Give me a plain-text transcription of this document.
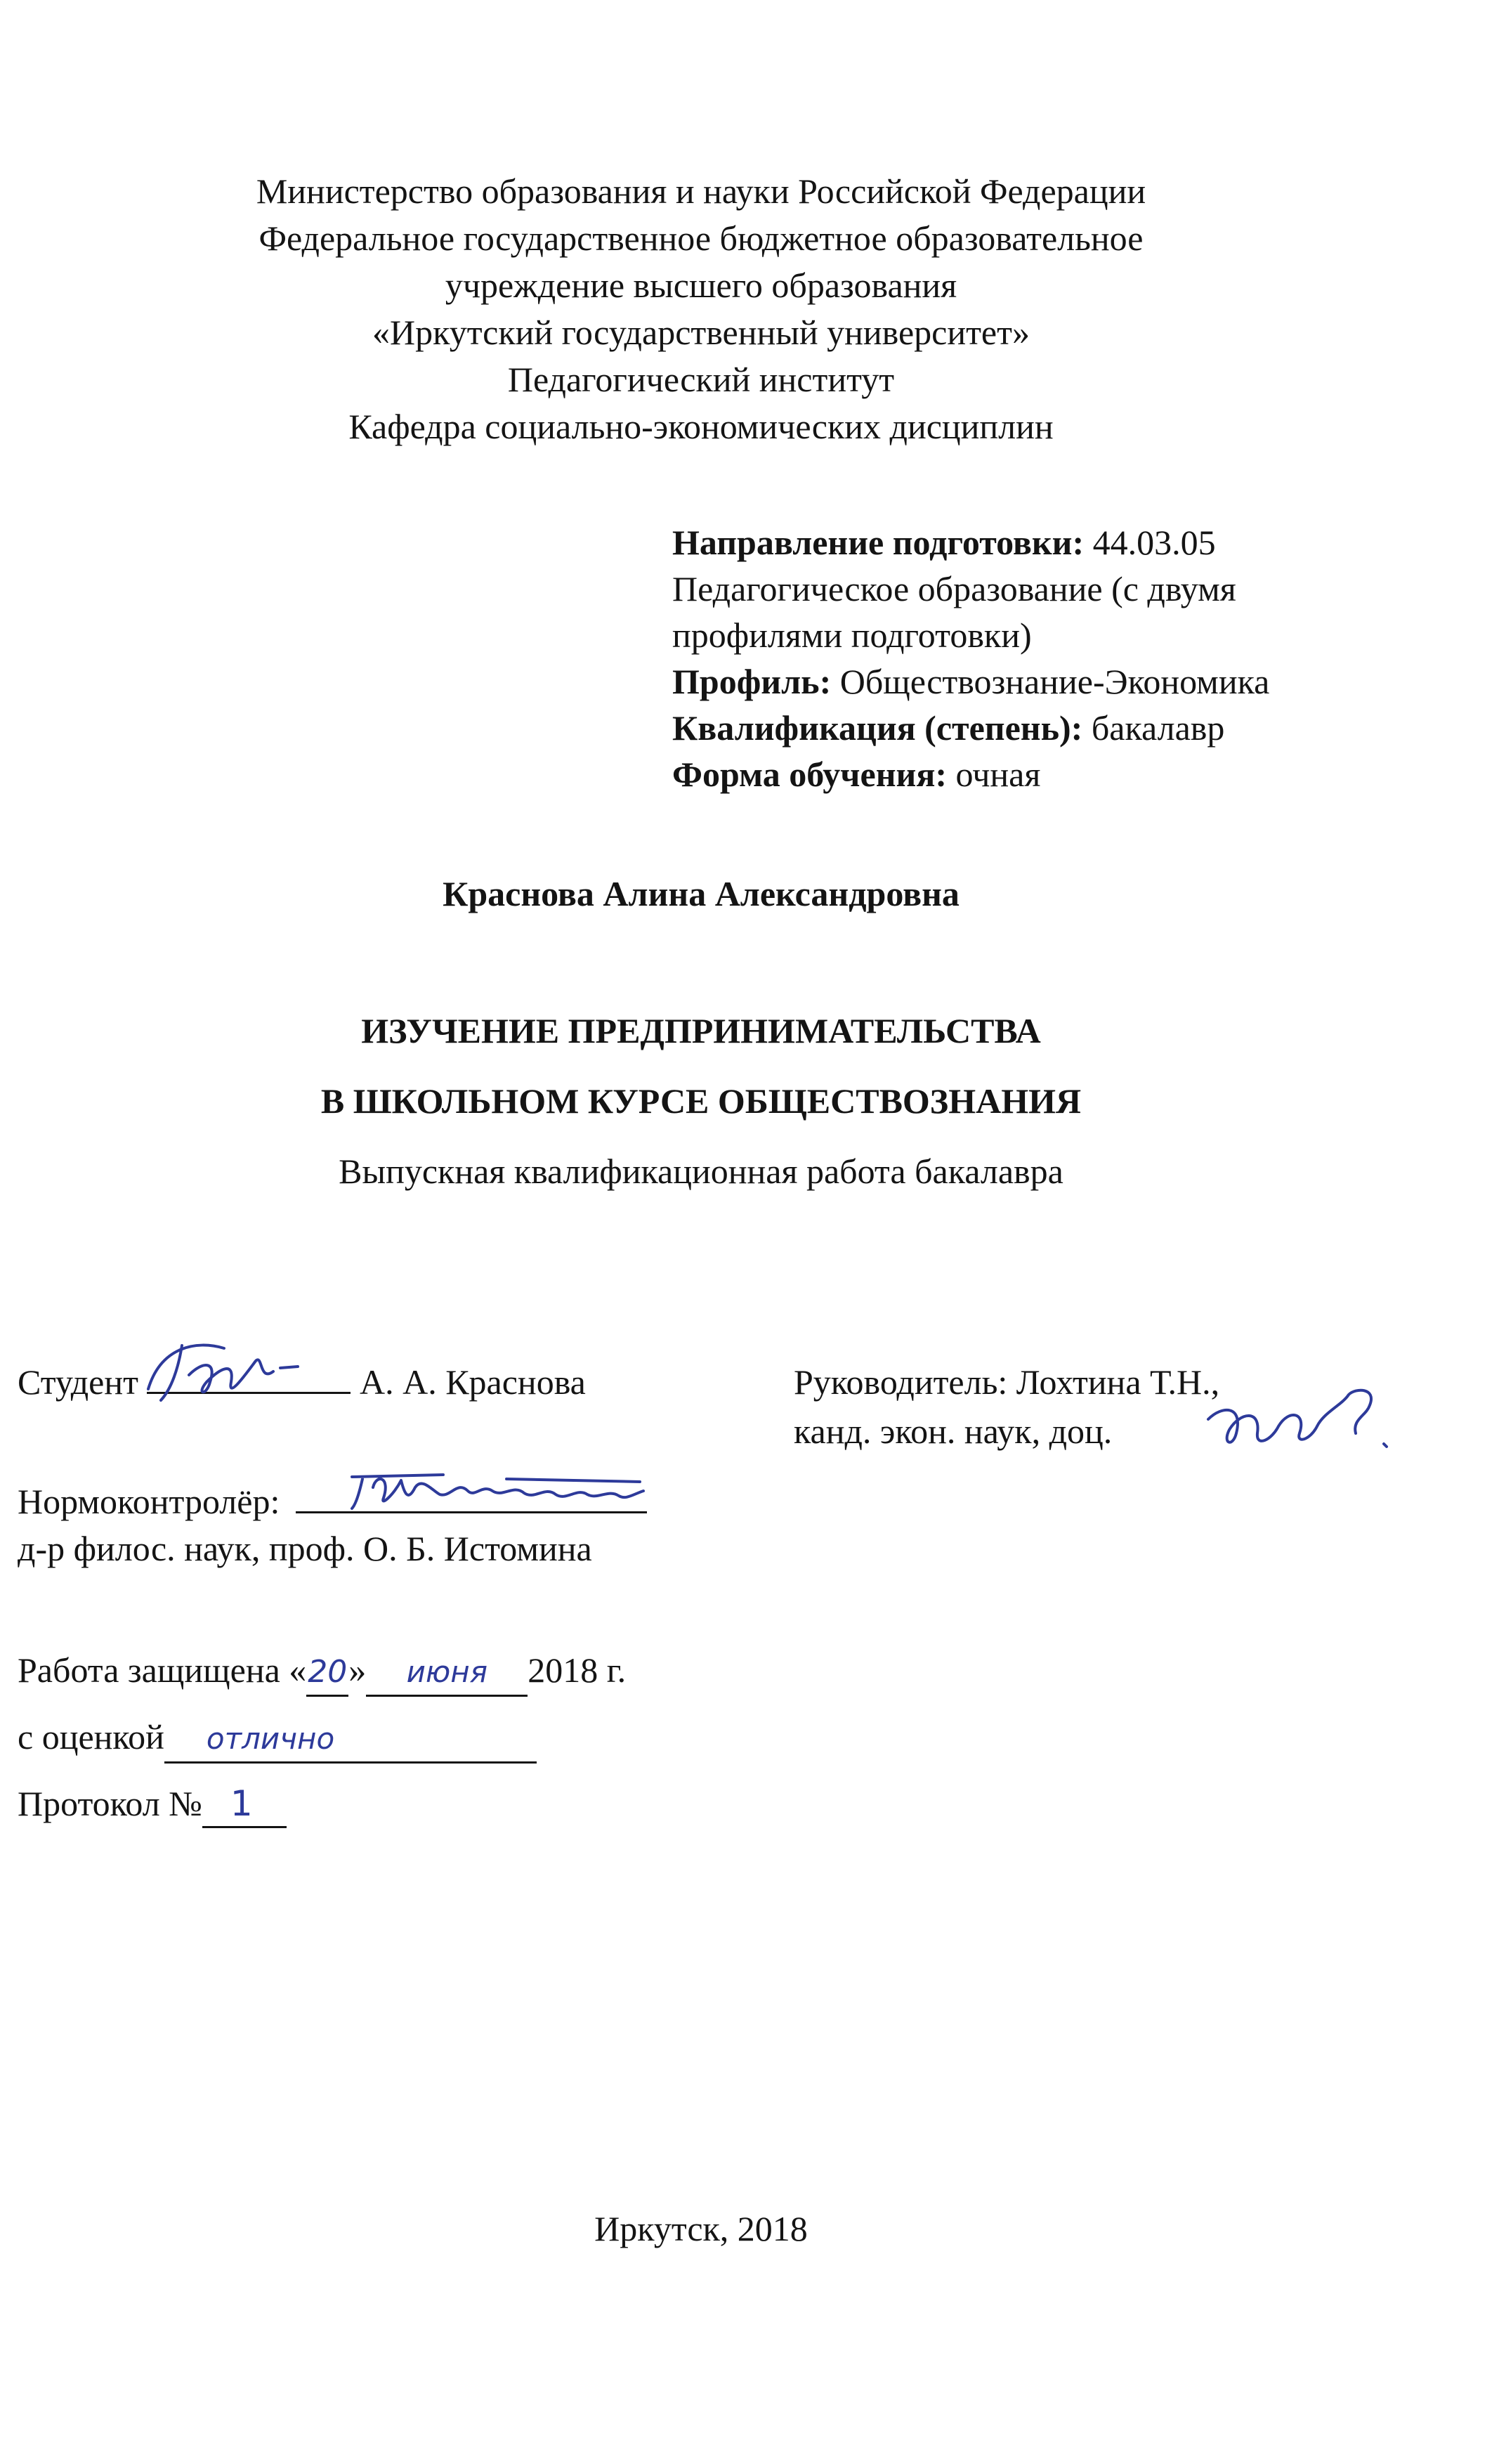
Министерство образования и науки Российской Федерации
Федеральное государственное бюджетное образовательное
учреждение высшего образования
«Иркутский государственный университет»
Педагогический институт
Кафедра социально-экономических дисциплин
Направление подготовки: 44.03.05
Педагогическое образование (с двумя
профилями подготовки)
Профиль: Обществознание-Экономика
Квалификация (степень): бакалавр
Форма обучения: очная
Краснова Алина Александровна
ИЗУЧЕНИЕ ПРЕДПРИНИМАТЕЛЬСТВА
В ШКОЛЬНОМ КУРСЕ ОБЩЕСТВОЗНАНИЯ
Выпускная квалификационная работа бакалавра
Студент	А. А. Краснова	Руководитель: Лохтина Т.Н.,
канд. экон. наук, доц.
Нормоконтролёр:
д-р филос. наук, проф. О. Б. Истомина
Работа защищена «20» июня 2018 г.
с оценкой отлично
Протокол № 1
Иркутск, 2018
